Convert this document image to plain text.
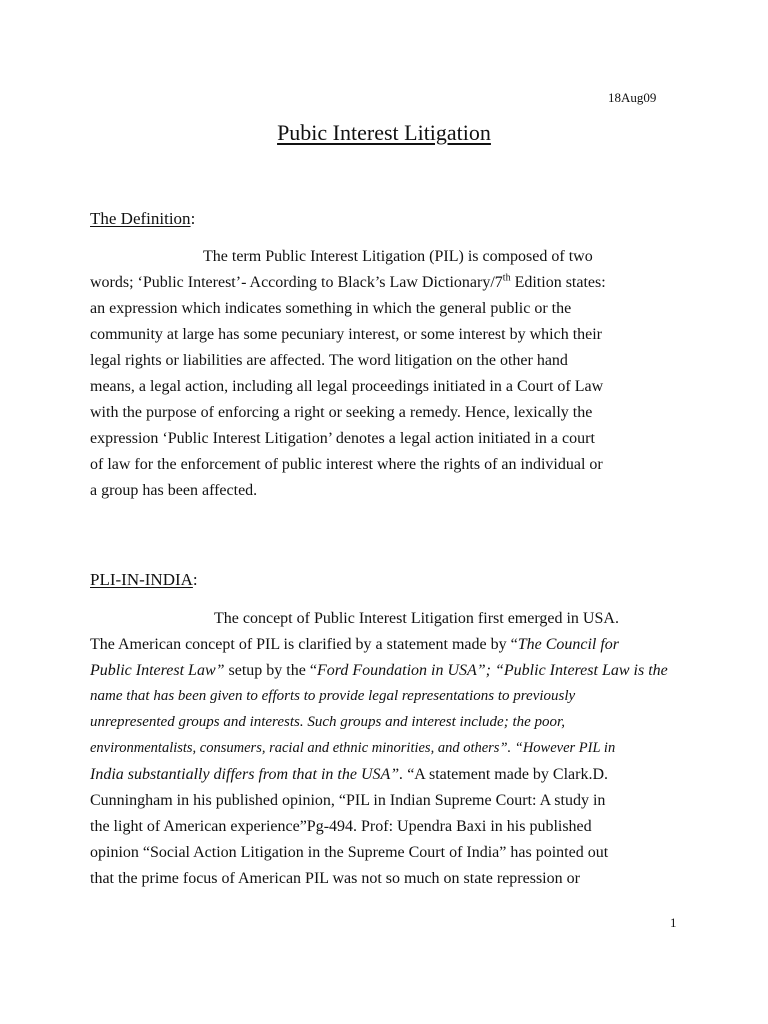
18Aug09
Pubic Interest Litigation
The Definition:
The term Public Interest Litigation (PIL) is composed of two
words; ‘Public Interest’- According to Black’s Law Dictionary/7th Edition states:
an expression which indicates something in which the general public or the
community at large has some pecuniary interest, or some interest by which their
legal rights or liabilities are affected. The word litigation on the other hand
means, a legal action, including all legal proceedings initiated in a Court of Law
with the purpose of enforcing a right or seeking a remedy. Hence, lexically the
expression ‘Public Interest Litigation’ denotes a legal action initiated in a court
of law for the enforcement of public interest where the rights of an individual or
a group has been affected.
PLI-IN-INDIA:
The concept of Public Interest Litigation first emerged in USA.
The American concept of PIL is clarified by a statement made by “The Council for
Public Interest Law” setup by the “Ford Foundation in USA”; “Public Interest Law is the
name that has been given to efforts to provide legal representations to previously
unrepresented groups and interests. Such groups and interest include; the poor,
environmentalists, consumers, racial and ethnic minorities, and others”. “However PIL in
India substantially differs from that in the USA”. “A statement made by Clark.D.
Cunningham in his published opinion, “PIL in Indian Supreme Court: A study in
the light of American experience”Pg-494. Prof: Upendra Baxi in his published
opinion “Social Action Litigation in the Supreme Court of India” has pointed out
that the prime focus of American PIL was not so much on state repression or
1
